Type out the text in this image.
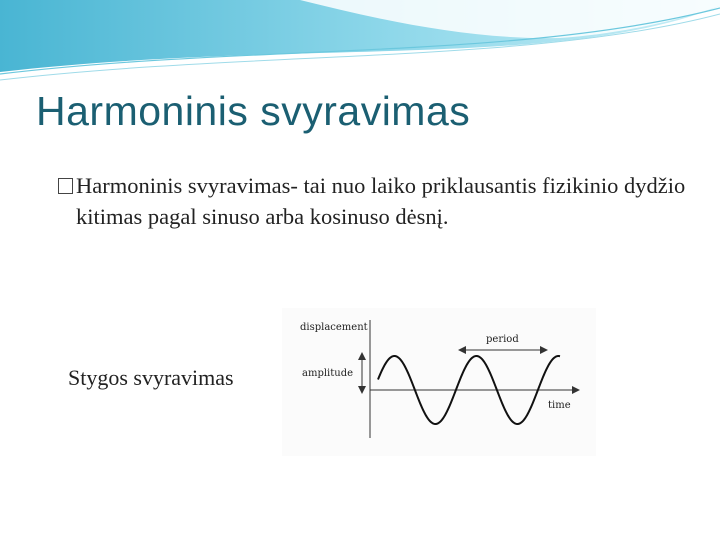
Harmoninis svyravimas
Harmoninis svyravimas- tai nuo laiko priklausantis fizikinio dydžio kitimas pagal sinuso arba kosinuso dėsnį.
Stygos svyravimas
displacement
period
amplitude
time
